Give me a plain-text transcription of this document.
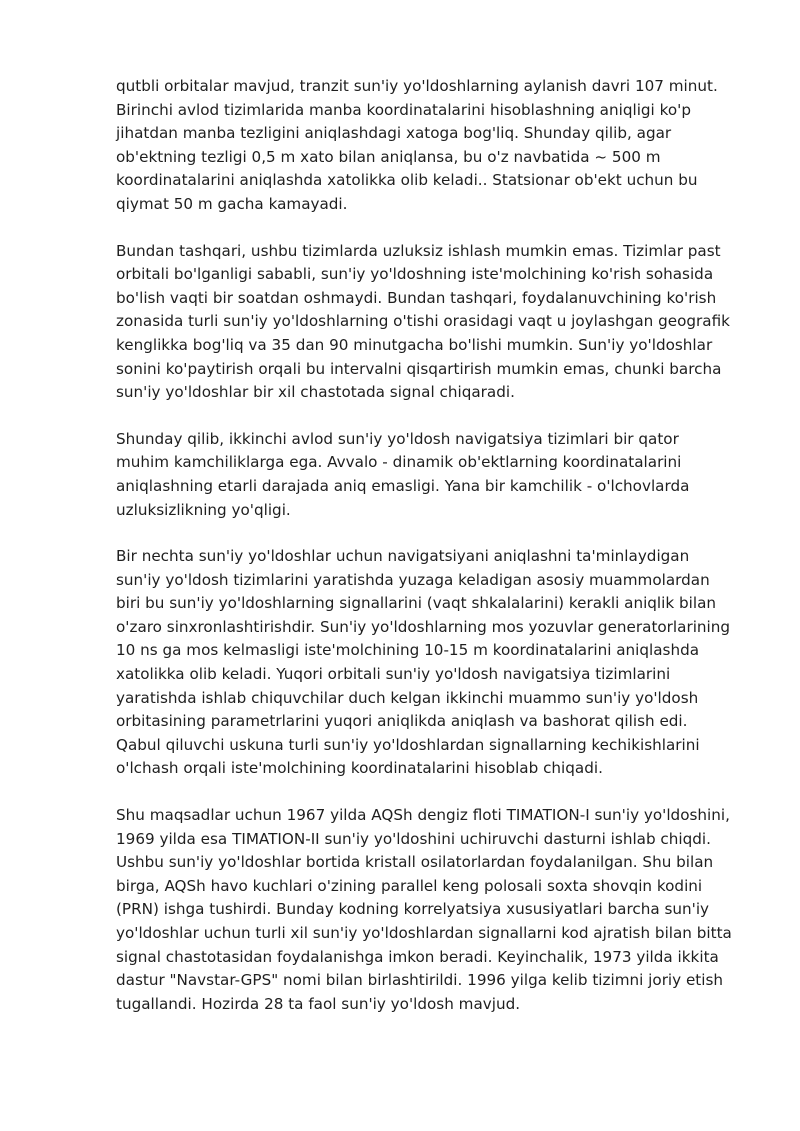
qutbli orbitalar mavjud, tranzit sun'iy yo'ldoshlarning aylanish davri 107 minut. Birinchi avlod tizimlarida manba koordinatalarini hisoblashning aniqligi ko'p jihatdan manba tezligini aniqlashdagi xatoga bog'liq. Shunday qilib, agar ob'ektning tezligi 0,5 m xato bilan aniqlansa, bu o'z navbatida ~ 500 m koordinatalarini aniqlashda xatolikka olib keladi.. Statsionar ob'ekt uchun bu qiymat 50 m gacha kamayadi.

Bundan tashqari, ushbu tizimlarda uzluksiz ishlash mumkin emas. Tizimlar past orbitali bo'lganligi sababli, sun'iy yo'ldoshning iste'molchining ko'rish sohasida bo'lish vaqti bir soatdan oshmaydi. Bundan tashqari, foydalanuvchining ko'rish zonasida turli sun'iy yo'ldoshlarning o'tishi orasidagi vaqt u joylashgan geografik kenglikka bog'liq va 35 dan 90 minutgacha bo'lishi mumkin. Sun'iy yo'ldoshlar sonini ko'paytirish orqali bu intervalni qisqartirish mumkin emas, chunki barcha sun'iy yo'ldoshlar bir xil chastotada signal chiqaradi.

Shunday qilib, ikkinchi avlod sun'iy yo'ldosh navigatsiya tizimlari bir qator muhim kamchiliklarga ega. Avvalo - dinamik ob'ektlarning koordinatalarini aniqlashning etarli darajada aniq emasligi. Yana bir kamchilik - o'lchovlarda uzluksizlikning yo'qligi.

Bir nechta sun'iy yo'ldoshlar uchun navigatsiyani aniqlashni ta'minlaydigan sun'iy yo'ldosh tizimlarini yaratishda yuzaga keladigan asosiy muammolardan biri bu sun'iy yo'ldoshlarning signallarini (vaqt shkalalarini) kerakli aniqlik bilan o'zaro sinxronlashtirishdir. Sun'iy yo'ldoshlarning mos yozuvlar generatorlarining 10 ns ga mos kelmasligi iste'molchining 10-15 m koordinatalarini aniqlashda xatolikka olib keladi. Yuqori orbitali sun'iy yo'ldosh navigatsiya tizimlarini yaratishda ishlab chiquvchilar duch kelgan ikkinchi muammo sun'iy yo'ldosh orbitasining parametrlarini yuqori aniqlikda aniqlash va bashorat qilish edi. Qabul qiluvchi uskuna turli sun'iy yo'ldoshlardan signallarning kechikishlarini o'lchash orqali iste'molchining koordinatalarini hisoblab chiqadi.

Shu maqsadlar uchun 1967 yilda AQSh dengiz floti TIMATION-I sun'iy yo'ldoshini, 1969 yilda esa TIMATION-II sun'iy yo'ldoshini uchiruvchi dasturni ishlab chiqdi. Ushbu sun'iy yo'ldoshlar bortida kristall osilatorlardan foydalanilgan. Shu bilan birga, AQSh havo kuchlari o'zining parallel keng polosali soxta shovqin kodini (PRN) ishga tushirdi. Bunday kodning korrelyatsiya xususiyatlari barcha sun'iy yo'ldoshlar uchun turli xil sun'iy yo'ldoshlardan signallarni kod ajratish bilan bitta signal chastotasidan foydalanishga imkon beradi. Keyinchalik, 1973 yilda ikkita dastur "Navstar-GPS" nomi bilan birlashtirildi. 1996 yilga kelib tizimni joriy etish tugallandi. Hozirda 28 ta faol sun'iy yo'ldosh mavjud.
